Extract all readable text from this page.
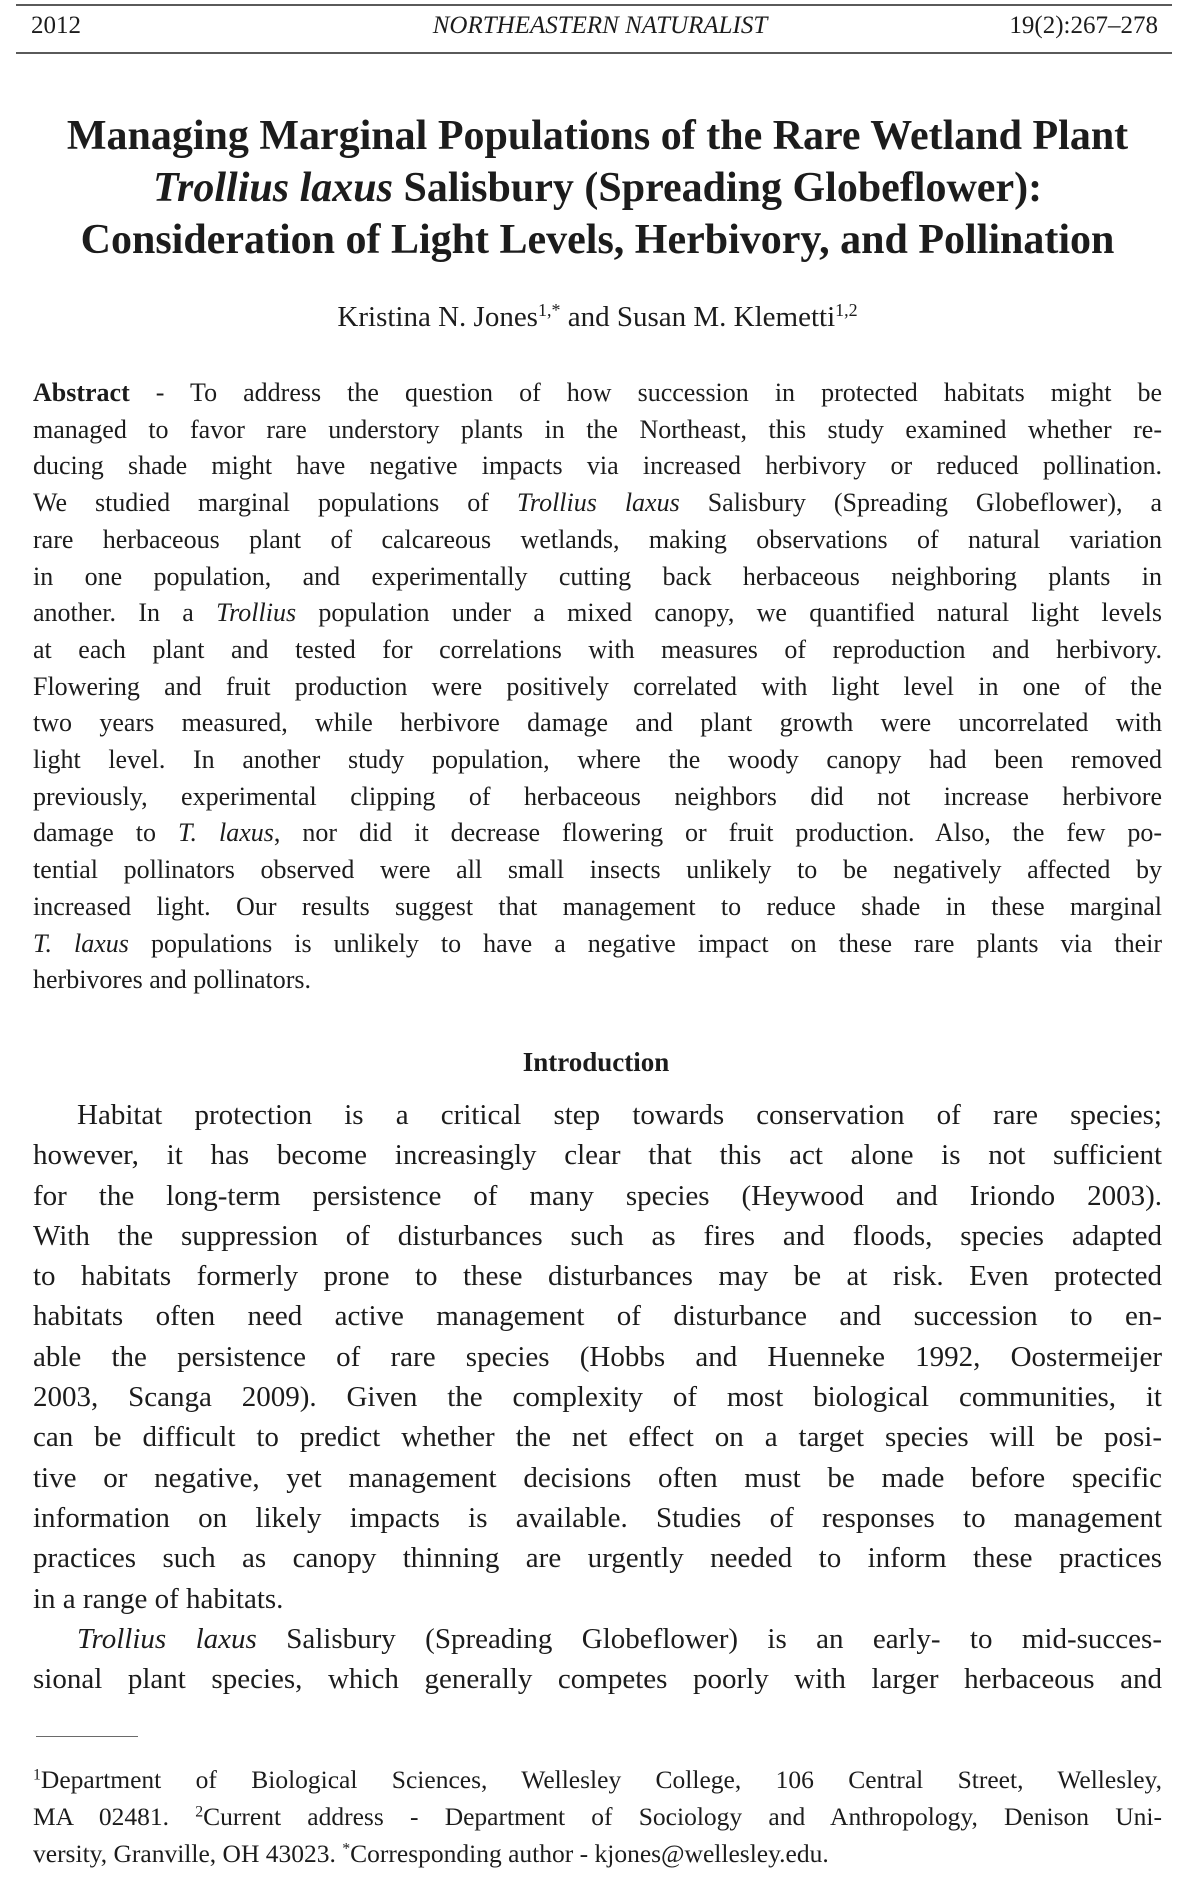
2012	NORTHEASTERN NATURALIST	19(2):267–278
Managing Marginal Populations of the Rare Wetland Plant
Trollius laxus Salisbury (Spreading Globeflower):
Consideration of Light Levels, Herbivory, and Pollination
Kristina N. Jones$^{1,*}$ and Susan M. Klemetti$^{1,2}$
Abstract - To address the question of how succession in protected habitats might be
managed to favor rare understory plants in the Northeast, this study examined whether re-
ducing shade might have negative impacts via increased herbivory or reduced pollination.
We studied marginal populations of Trollius laxus Salisbury (Spreading Globeflower), a
rare herbaceous plant of calcareous wetlands, making observations of natural variation
in one population, and experimentally cutting back herbaceous neighboring plants in
another. In a Trollius population under a mixed canopy, we quantified natural light levels
at each plant and tested for correlations with measures of reproduction and herbivory.
Flowering and fruit production were positively correlated with light level in one of the
two years measured, while herbivore damage and plant growth were uncorrelated with
light level. In another study population, where the woody canopy had been removed
previously, experimental clipping of herbaceous neighbors did not increase herbivore
damage to T. laxus, nor did it decrease flowering or fruit production. Also, the few po-
tential pollinators observed were all small insects unlikely to be negatively affected by
increased light. Our results suggest that management to reduce shade in these marginal
T. laxus populations is unlikely to have a negative impact on these rare plants via their
herbivores and pollinators.
Introduction
Habitat protection is a critical step towards conservation of rare species;
however, it has become increasingly clear that this act alone is not sufficient
for the long-term persistence of many species (Heywood and Iriondo 2003).
With the suppression of disturbances such as fires and floods, species adapted
to habitats formerly prone to these disturbances may be at risk. Even protected
habitats often need active management of disturbance and succession to en-
able the persistence of rare species (Hobbs and Huenneke 1992, Oostermeijer
2003, Scanga 2009). Given the complexity of most biological communities, it
can be difficult to predict whether the net effect on a target species will be posi-
tive or negative, yet management decisions often must be made before specific
information on likely impacts is available. Studies of responses to management
practices such as canopy thinning are urgently needed to inform these practices
in a range of habitats.
Trollius laxus Salisbury (Spreading Globeflower) is an early- to mid-succes-
sional plant species, which generally competes poorly with larger herbaceous and
$^1$Department of Biological Sciences, Wellesley College, 106 Central Street, Wellesley,
MA 02481. $^2$Current address - Department of Sociology and Anthropology, Denison Uni-
versity, Granville, OH 43023. *Corresponding author - kjones@wellesley.edu.
